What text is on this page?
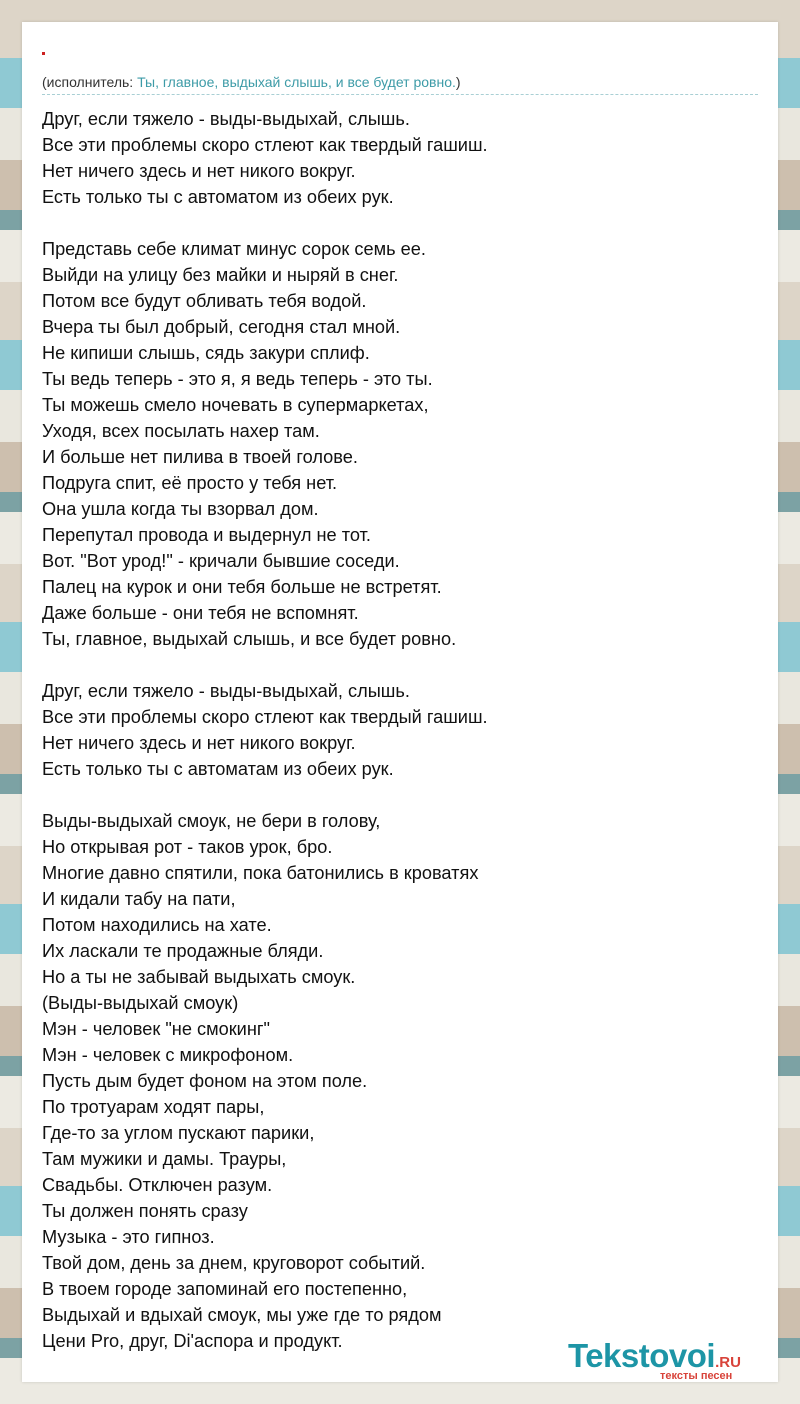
(исполнитель: Ты, главное, выдыхай слышь, и все будет ровно.)
Друг, если тяжело - выды-выдыхай, слышь.
Все эти проблемы скоро стлеют как твердый гашиш.
Нет ничего здесь и нет никого вокруг.
Есть только ты с автоматом из обеих рук.
Представь себе климат минус сорок семь ее.
Выйди на улицу без майки и ныряй в снег.
Потом все будут обливать тебя водой.
Вчера ты был добрый, сегодня стал мной.
Не кипиши слышь, сядь закури сплиф.
Ты ведь теперь - это я, я ведь теперь - это ты.
Ты можешь смело ночевать в супермаркетах,
Уходя, всех посылать нахер там.
И больше нет пилива в твоей голове.
Подруга спит, её просто у тебя нет.
Она ушла когда ты взорвал дом.
Перепутал провода и выдернул не тот.
Вот. "Вот урод!" - кричали бывшие соседи.
Палец на курок и они тебя больше не встретят.
Даже больше - они тебя не вспомнят.
Ты, главное, выдыхай слышь, и все будет ровно.
Друг, если тяжело - выды-выдыхай, слышь.
Все эти проблемы скоро стлеют как твердый гашиш.
Нет ничего здесь и нет никого вокруг.
Есть только ты с автоматам из обеих рук.
Выды-выдыхай смоук, не бери в голову,
Но открывая рот - таков урок, бро.
Многие давно спятили, пока батонились в кроватях
И кидали табу на пати,
Потом находились на хате.
Их ласкали те продажные бляди.
Но а ты не забывай выдыхать смоук.
(Выды-выдыхай смоук)
Мэн - человек "не смокинг"
Мэн - человек с микрофоном.
Пусть дым будет фоном на этом поле.
По тротуарам ходят пары,
Где-то за углом пускают парики,
Там мужики и дамы. Трауры,
Свадьбы. Отключен разум.
Ты должен понять сразу
Музыка - это гипноз.
Твой дом, день за днем, круговорот событий.
В твоем городе запоминай его постепенно,
Выдыхай и вдыхай смоук, мы уже где то рядом
Цени Pro, друг, Di'аспора и продукт.	Tekstovoi.RU
тексты песен
